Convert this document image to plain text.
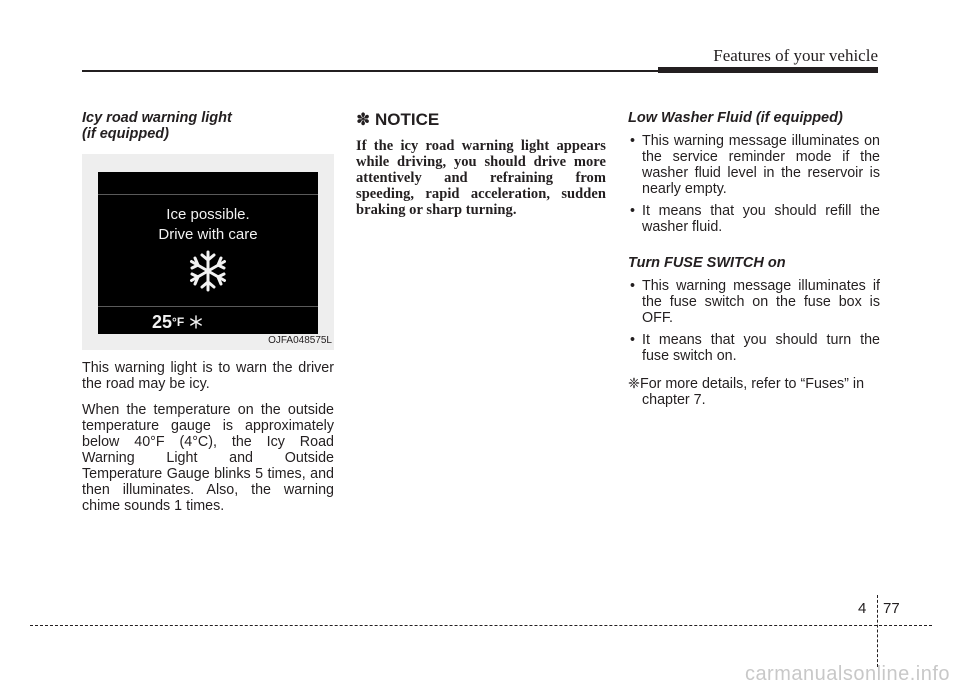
Features of your vehicle

Icy road warning light
(if equipped)

Ice possible.
Drive with care
$25^{^\circ F}$
OJFA048575L

This warning light is to warn the driver the road may be icy.

When the temperature on the outside temperature gauge is approximately below 40°F (4°C), the Icy Road Warning Light and Outside Temperature Gauge blinks 5 times, and then illuminates. Also, the warning chime sounds 1 times.

✽ NOTICE

If the icy road warning light appears while driving, you should drive more attentively and refraining from speeding, rapid acceleration, sudden braking or sharp turning.

Low Washer Fluid (if equipped)

• This warning message illuminates on the service reminder mode if the washer fluid level in the reservoir is nearly empty.
• It means that you should refill the washer fluid.

Turn FUSE SWITCH on

• This warning message illuminates if the fuse switch on the fuse box is OFF.
• It means that you should turn the fuse switch on.
❈For more details, refer to “Fuses” in chapter 7.
4 77
carmanualsonline.info
